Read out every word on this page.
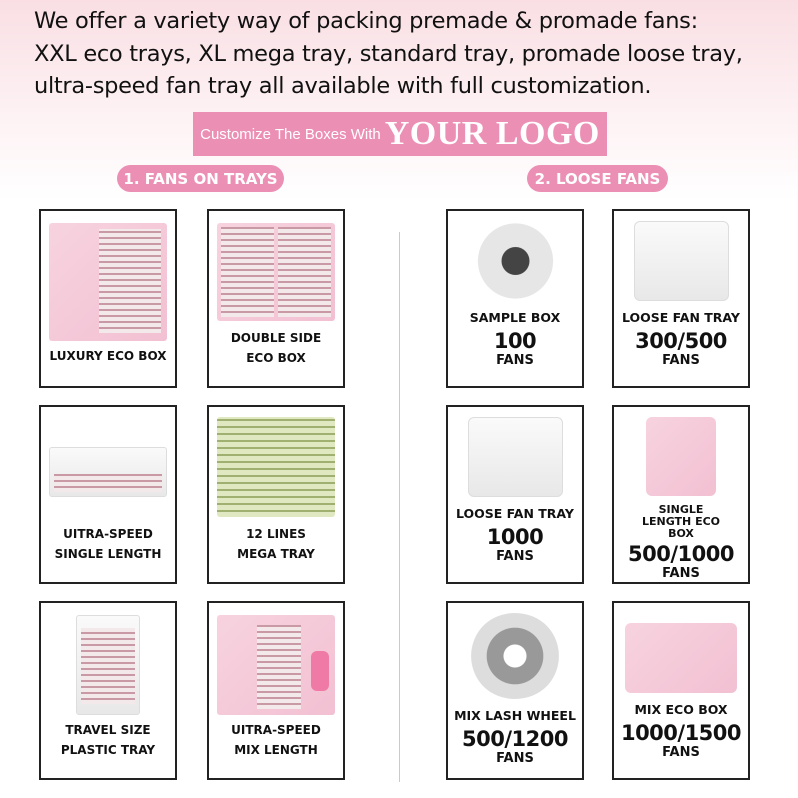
We offer a variety way of packing premade & promade fans:
XXL eco trays, XL mega tray, standard tray, promade loose tray,
ultra-speed fan tray all available with full customization.
Customize The Boxes With YOUR LOGO
1. FANS ON TRAYS	2. LOOSE FANS
LUXURY ECO BOX
DOUBLE SIDE
ECO BOX
UITRA-SPEED
SINGLE LENGTH
12 LINES
MEGA TRAY
TRAVEL SIZE
PLASTIC TRAY
UITRA-SPEED
MIX LENGTH
SAMPLE BOX
100
FANS
LOOSE FAN TRAY
300/500
FANS
LOOSE FAN TRAY
1000
FANS
SINGLE LENGTH ECO BOX
500/1000
FANS
MIX LASH WHEEL
500/1200
FANS
MIX ECO BOX
1000/1500
FANS
